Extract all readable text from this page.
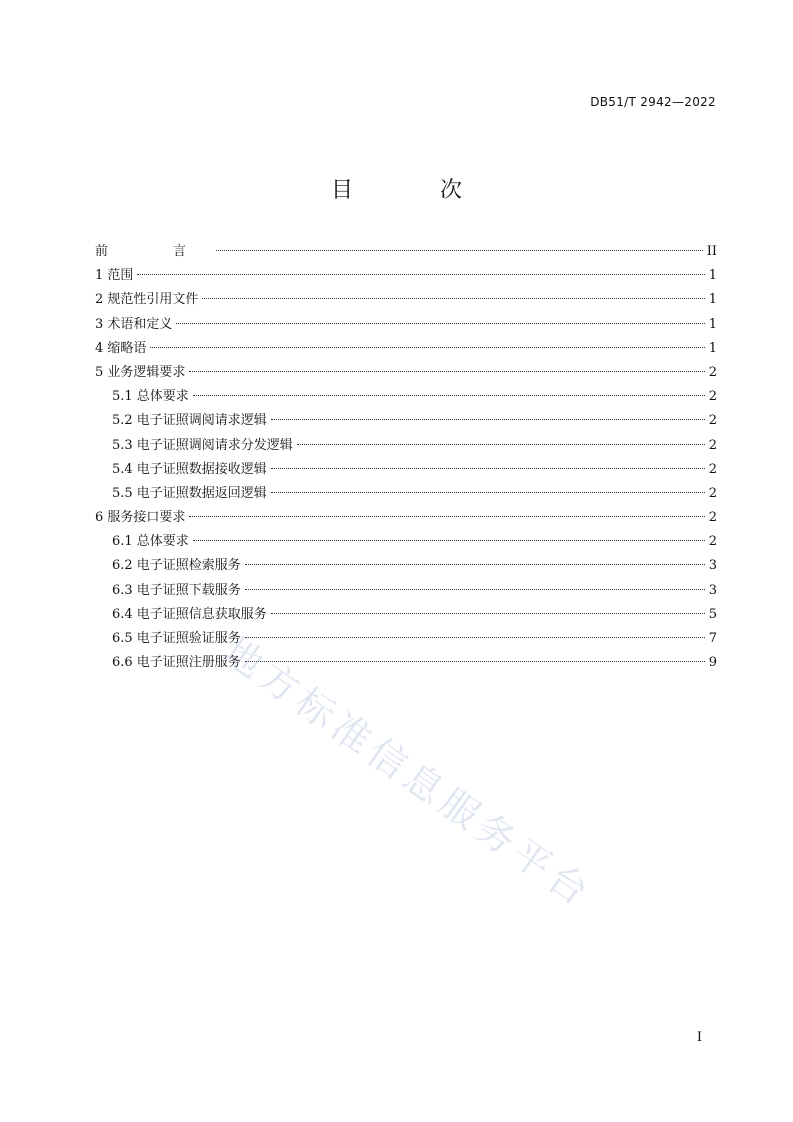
DB51/T 2942—2022
目 次
前　言	II
1 范围	1
2 规范性引用文件	1
3 术语和定义	1
4 缩略语	1
5 业务逻辑要求	2
5.1 总体要求	2
5.2 电子证照调阅请求逻辑	2
5.3 电子证照调阅请求分发逻辑	2
5.4 电子证照数据接收逻辑	2
5.5 电子证照数据返回逻辑	2
6 服务接口要求	2
6.1 总体要求	2
6.2 电子证照检索服务	3
6.3 电子证照下载服务	3
6.4 电子证照信息获取服务	5
6.5 电子证照验证服务	7
6.6 电子证照注册服务	9
地方标准信息服务平台
I
